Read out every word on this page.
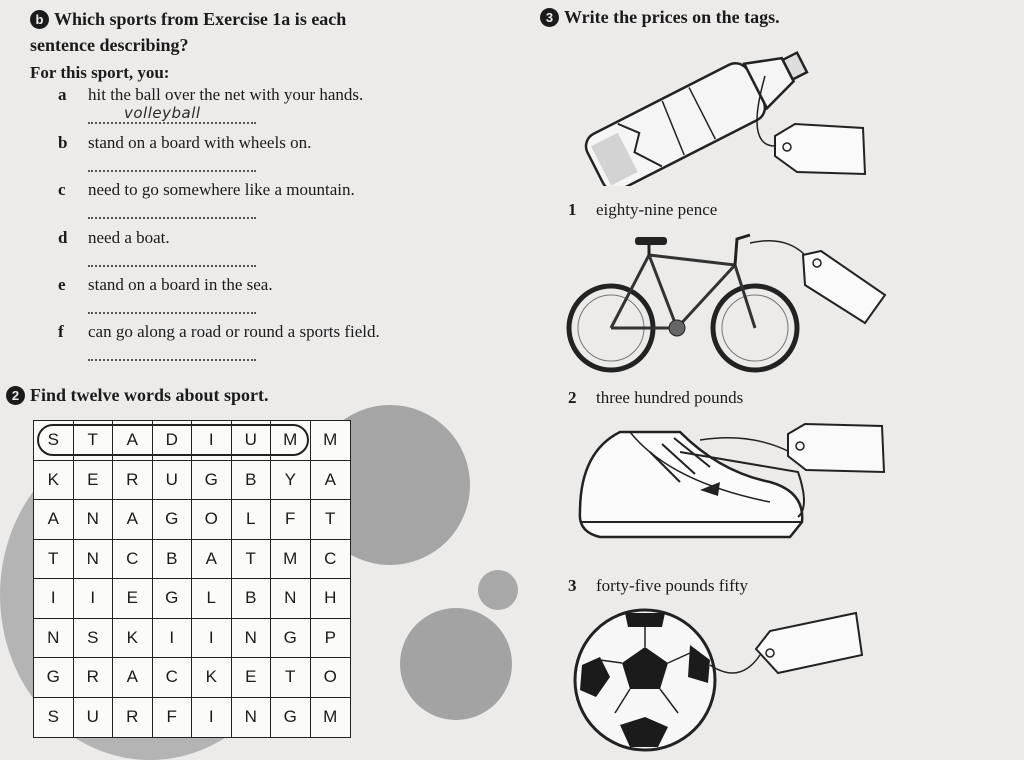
b Which sports from Exercise 1a is each
sentence describing?
For this sport, you:
a hit the ball over the net with your hands.
volleyball
b stand on a board with wheels on.
c need to go somewhere like a mountain.
d need a boat.
e stand on a board in the sea.
f can go along a road or round a sports field.
2 Find twelve words about sport.
S	T	A	D	I	U	M	M
K	E	R	U	G	B	Y	A
A	N	A	G	O	L	F	T
T	N	C	B	A	T	M	C
I	I	E	G	L	B	N	H
N	S	K	I	I	N	G	P
G	R	A	C	K	E	T	O
S	U	R	F	I	N	G	M
3 Write the prices on the tags.
1 eighty-nine pence
2 three hundred pounds
3 forty-five pounds fifty
